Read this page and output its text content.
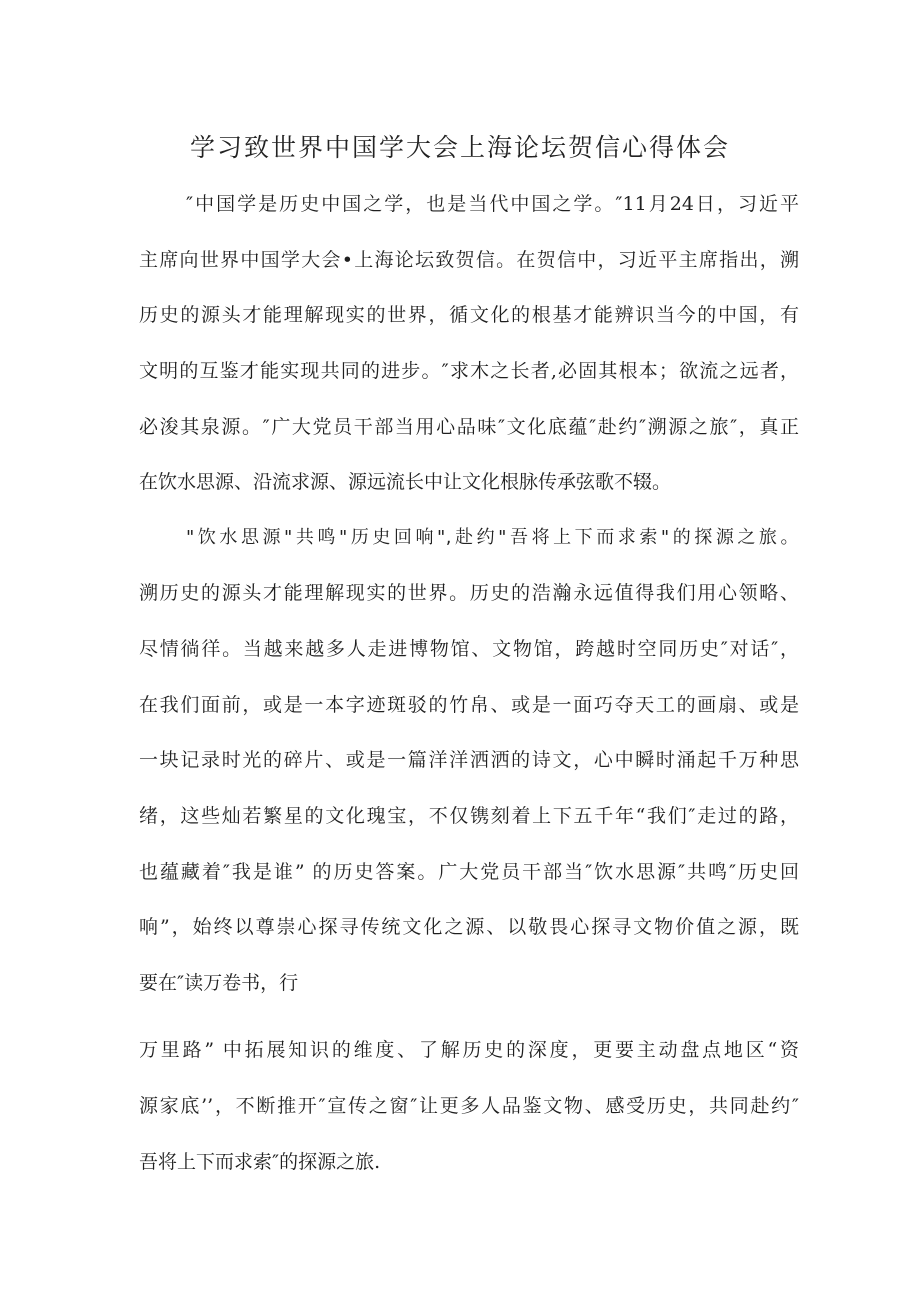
学习致世界中国学大会上海论坛贺信心得体会
″中国学是历史中国之学，也是当代中国之学。″11月24日，习近平
主席向世界中国学大会•上海论坛致贺信。在贺信中，习近平主席指出，溯
历史的源头才能理解现实的世界，循文化的根基才能辨识当今的中国，有
文明的互鉴才能实现共同的进步。″求木之长者,必固其根本；欲流之远者，
必浚其泉源。″广大党员干部当用心品味″文化底蕴″赴约″溯源之旅″，真正
在饮水思源、沿流求源、源远流长中让文化根脉传承弦歌不辍。
"饮水思源"共鸣"历史回响",赴约"吾将上下而求索"的探源之旅。
溯历史的源头才能理解现实的世界。历史的浩瀚永远值得我们用心领略、
尽情徜徉。当越来越多人走进博物馆、文物馆，跨越时空同历史″对话″，
在我们面前，或是一本字迹斑驳的竹帛、或是一面巧夺天工的画扇、或是
一块记录时光的碎片、或是一篇洋洋洒洒的诗文，心中瞬时涌起千万种思
绪，这些灿若繁星的文化瑰宝，不仅镌刻着上下五千年“我们″走过的路，
也蕴藏着″我是谁” 的历史答案。广大党员干部当″饮水思源″共鸣″历史回
响”，始终以尊崇心探寻传统文化之源、以敬畏心探寻文物价值之源，既
要在″读万卷书，行
万里路” 中拓展知识的维度、了解历史的深度，更要主动盘点地区“资
源家底’’，不断推开″宣传之窗″让更多人品鉴文物、感受历史，共同赴约″
吾将上下而求索″的探源之旅.
